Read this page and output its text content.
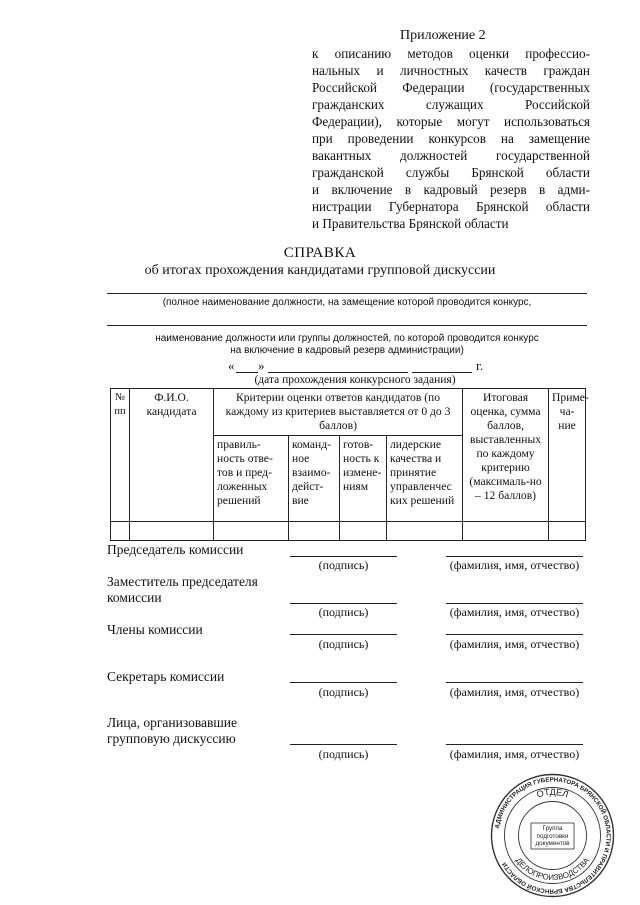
Приложение 2
к описанию методов оценки профессио-
нальных и личностных качеств граждан
Российской Федерации (государственных
гражданских служащих Российской
Федерации), которые могут использоваться
при проведении конкурсов на замещение
вакантных должностей государственной
гражданской службы Брянской области
и включение в кадровый резерв в адми-
нистрации Губернатора Брянской области
и Правительства Брянской области
СПРАВКА
об итогах прохождения кандидатами групповой дискуссии
(полное наименование должности, на замещение которой проводится конкурс,
наименование должности или группы должностей, по которой проводится конкурс
на включение в кадровый резерв администрации)
« »	г.
(дата прохождения конкурсного задания)
№ пп	Ф.И.О. кандидата	Критерии оценки ответов кандидатов (по каждому из критериев выставляется от 0 до 3 баллов)				Итоговая оценка, сумма баллов, выставленных по каждому критерию (максималь-но – 12 баллов)	Приме-ча-ние
		правиль-ность отве-тов и пред-ложенных решений	команд-ное взаимо-дейст-вие	готов-ность к измене-ниям	лидерские качества и принятие управленчес ких решений		

Председатель комиссии
(подпись)	(фамилия, имя, отчество)
Заместитель председателя комиссии
(подпись)	(фамилия, имя, отчество)
Члены комиссии
(подпись)	(фамилия, имя, отчество)
Секретарь комиссии
(подпись)	(фамилия, имя, отчество)
Лица, организовавшие групповую дискуссию
(подпись)	(фамилия, имя, отчество)
АДМИНИСТРАЦИЯ ГУБЕРНАТОРА БРЯНСКОЙ ОБЛАСТИ И ПРАВИТЕЛЬСТВА БРЯНСКОЙ ОБЛАСТИ
ОТДЕЛ
ДЕЛОПРОИЗВОДСТВА
Группа подготовки документов
